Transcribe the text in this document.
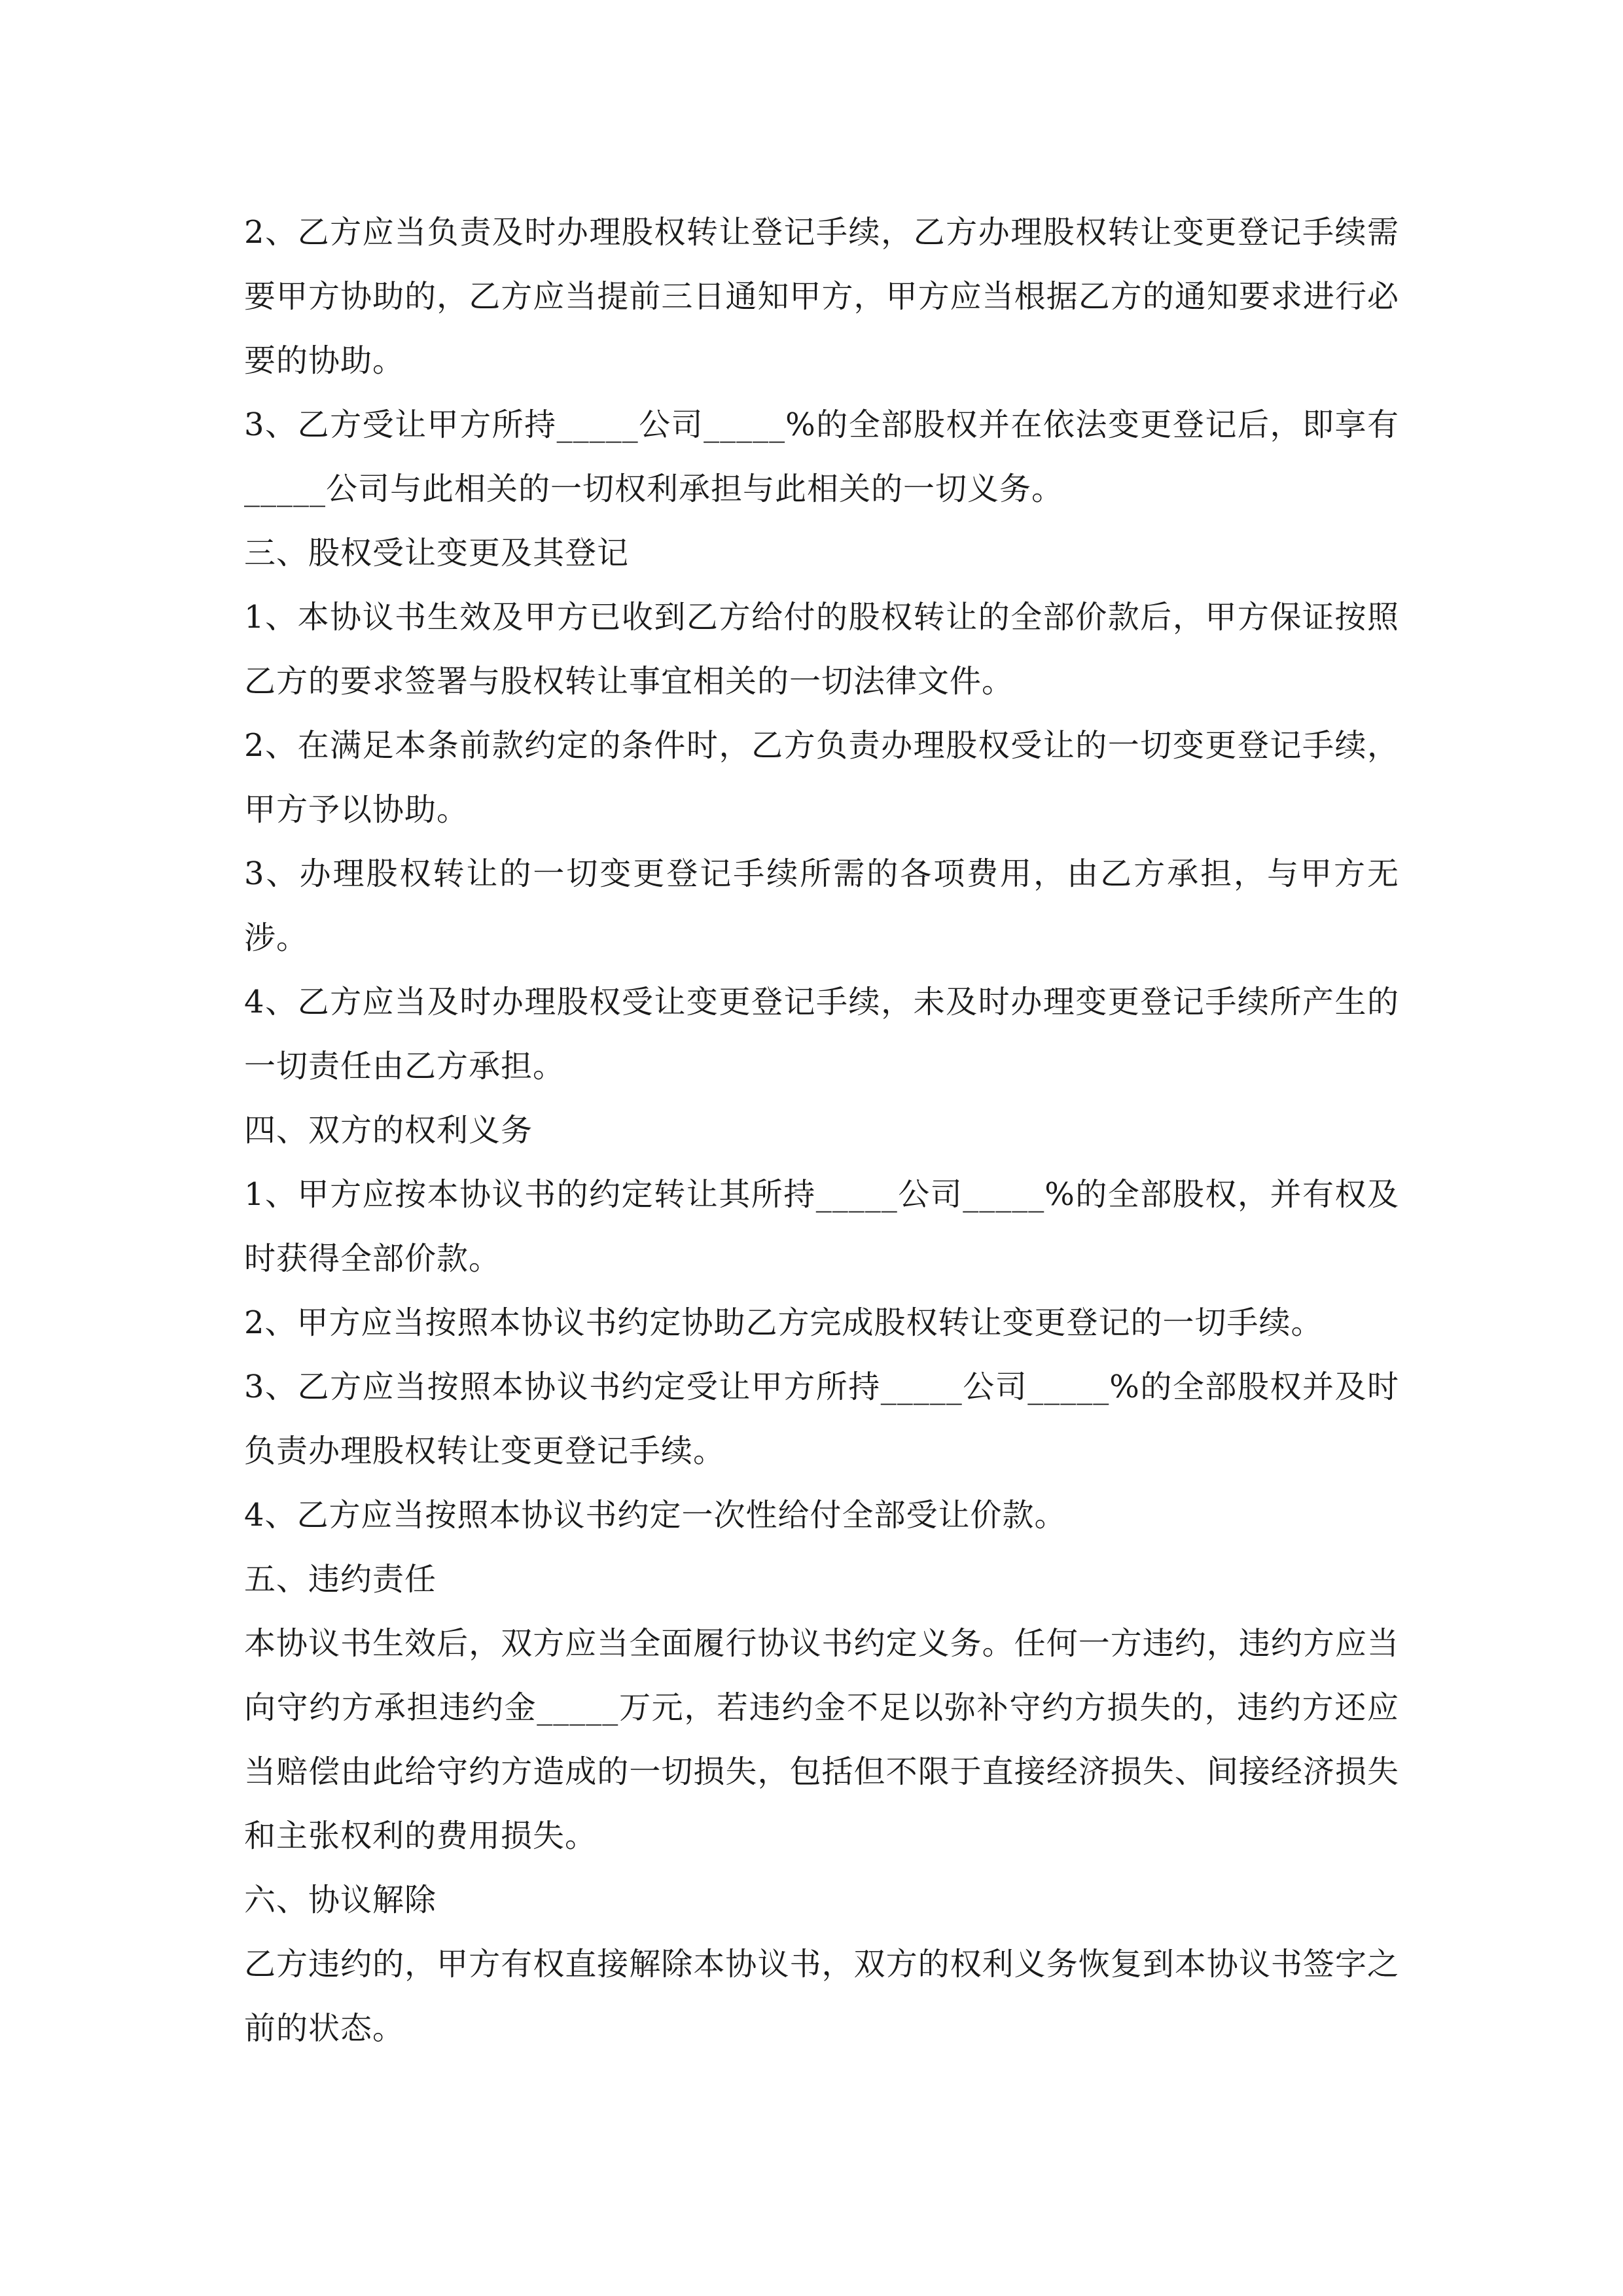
2、乙方应当负责及时办理股权转让登记手续，乙方办理股权转让变更登记手续需要甲方协助的，乙方应当提前三日通知甲方，甲方应当根据乙方的通知要求进行必要的协助。

3、乙方受让甲方所持_____公司_____%的全部股权并在依法变更登记后，即享有_____公司与此相关的一切权利承担与此相关的一切义务。

三、股权受让变更及其登记

1、本协议书生效及甲方已收到乙方给付的股权转让的全部价款后，甲方保证按照乙方的要求签署与股权转让事宜相关的一切法律文件。

2、在满足本条前款约定的条件时，乙方负责办理股权受让的一切变更登记手续，甲方予以协助。

3、办理股权转让的一切变更登记手续所需的各项费用，由乙方承担，与甲方无涉。

4、乙方应当及时办理股权受让变更登记手续，未及时办理变更登记手续所产生的一切责任由乙方承担。

四、双方的权利义务

1、甲方应按本协议书的约定转让其所持_____公司_____%的全部股权，并有权及时获得全部价款。

2、甲方应当按照本协议书约定协助乙方完成股权转让变更登记的一切手续。

3、乙方应当按照本协议书约定受让甲方所持_____公司_____%的全部股权并及时负责办理股权转让变更登记手续。

4、乙方应当按照本协议书约定一次性给付全部受让价款。

五、违约责任

本协议书生效后，双方应当全面履行协议书约定义务。任何一方违约，违约方应当向守约方承担违约金_____万元，若违约金不足以弥补守约方损失的，违约方还应当赔偿由此给守约方造成的一切损失，包括但不限于直接经济损失、间接经济损失和主张权利的费用损失。

六、协议解除

乙方违约的，甲方有权直接解除本协议书，双方的权利义务恢复到本协议书签字之前的状态。
